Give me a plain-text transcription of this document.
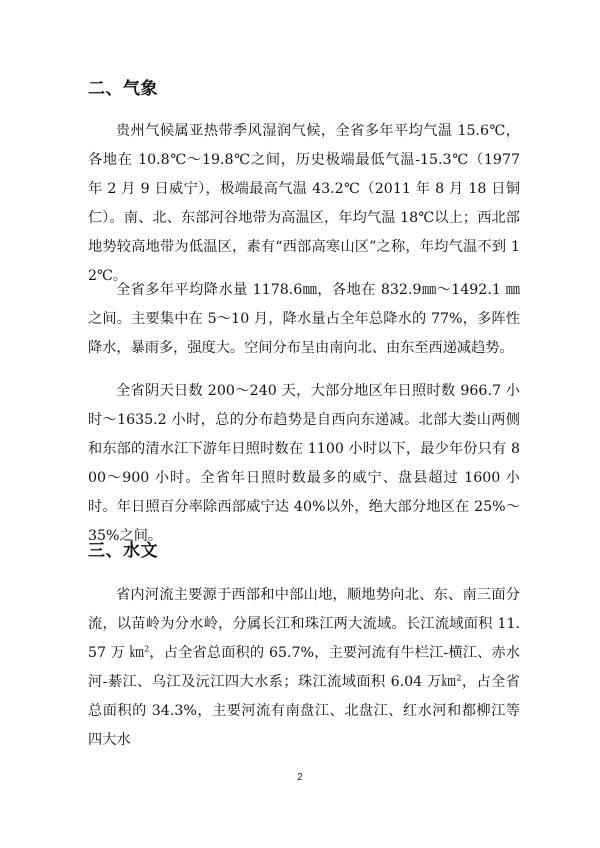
二、气象

贵州气候属亚热带季风湿润气候，全省多年平均气温 15.6℃，各地在 10.8℃～19.8℃之间，历史极端最低气温-15.3℃（1977 年 2 月 9 日威宁），极端最高气温 43.2℃（2011 年 8 月 18 日铜仁）。南、北、东部河谷地带为高温区，年均气温 18℃以上；西北部地势较高地带为低温区，素有“西部高寒山区”之称，年均气温不到 12℃。

全省多年平均降水量 1178.6㎜，各地在 832.9㎜～1492.1 ㎜之间。主要集中在 5～10 月，降水量占全年总降水的 77%，多阵性降水，暴雨多，强度大。空间分布呈由南向北、由东至西递减趋势。

全省阴天日数 200～240 天，大部分地区年日照时数 966.7 小时～1635.2 小时，总的分布趋势是自西向东递减。北部大娄山两侧和东部的清水江下游年日照时数在 1100 小时以下，最少年份只有 800～900 小时。全省年日照时数最多的威宁、盘县超过 1600 小时。年日照百分率除西部威宁达 40%以外，绝大部分地区在 25%～35%之间。

三、水文

省内河流主要源于西部和中部山地，顺地势向北、东、南三面分流，以苗岭为分水岭，分属长江和珠江两大流域。长江流域面积 11.57 万 ㎞$^2$，占全省总面积的 65.7%，主要河流有牛栏江-横江、赤水河-綦江、乌江及沅江四大水系；珠江流域面积 6.04 万㎞$^2$，占全省总面积的 34.3%，主要河流有南盘江、北盘江、红水河和都柳江等四大水

2
